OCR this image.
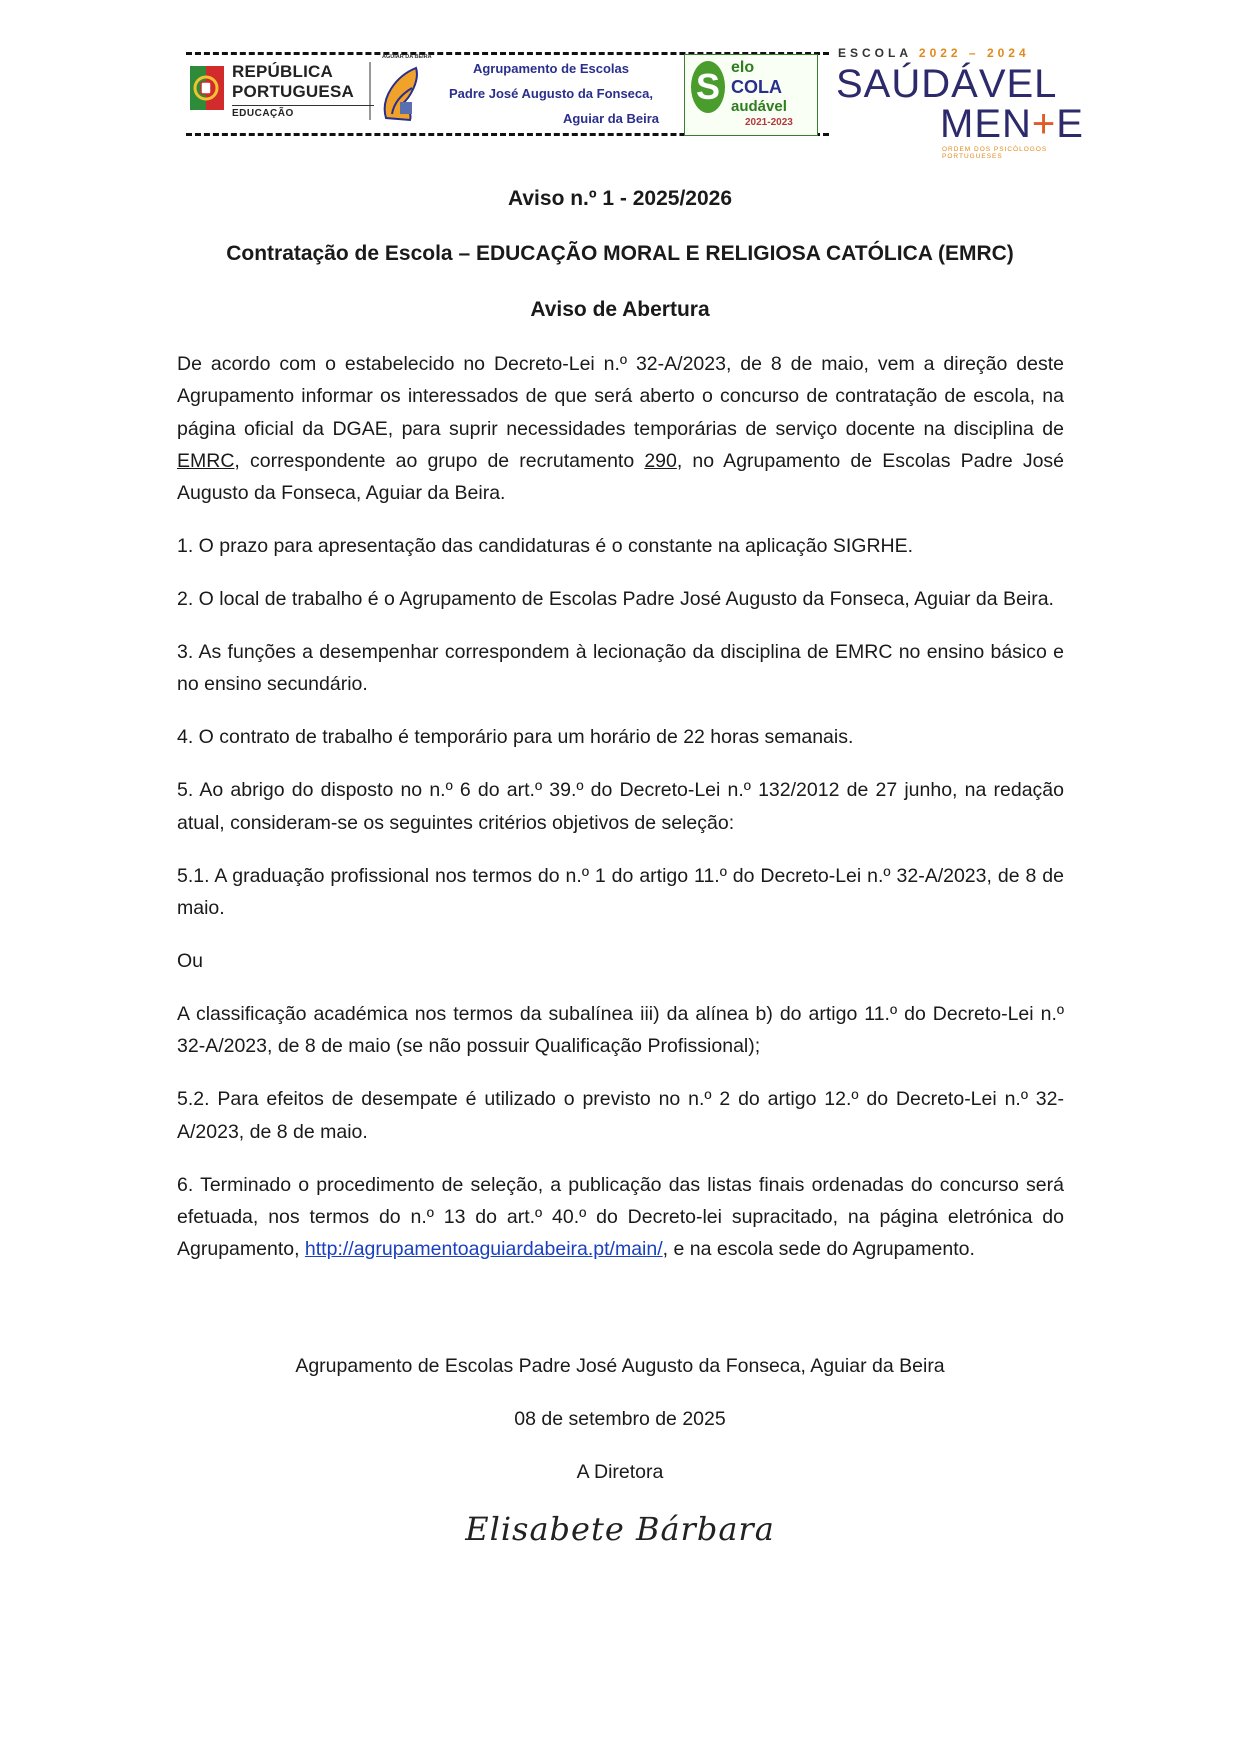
REPÚBLICA
PORTUGUESA
EDUCAÇÃO
AGUIAR DA BEIRA
Agrupamento de Escolas
Padre José Augusto da Fonseca,
Aguiar da Beira
S elo
COLA
audável
2021-2023
ESCOLA 2022 – 2024
SAÚDÁVEL
MEN+E
ORDEM DOS PSICÓLOGOS PORTUGUESES
Aviso n.º 1 - 2025/2026
Contratação de Escola – EDUCAÇÃO MORAL E RELIGIOSA CATÓLICA (EMRC)
Aviso de Abertura

De acordo com o estabelecido no Decreto-Lei n.º 32-A/2023, de 8 de maio, vem a direção deste Agrupamento informar os interessados de que será aberto o concurso de contratação de escola, na página oficial da DGAE, para suprir necessidades temporárias de serviço docente na disciplina de EMRC, correspondente ao grupo de recrutamento 290, no Agrupamento de Escolas Padre José Augusto da Fonseca, Aguiar da Beira.

1. O prazo para apresentação das candidaturas é o constante na aplicação SIGRHE.

2. O local de trabalho é o Agrupamento de Escolas Padre José Augusto da Fonseca, Aguiar da Beira.

3. As funções a desempenhar correspondem à lecionação da disciplina de EMRC no ensino básico e no ensino secundário.

4. O contrato de trabalho é temporário para um horário de 22 horas semanais.

5. Ao abrigo do disposto no n.º 6 do art.º 39.º do Decreto-Lei n.º 132/2012 de 27 junho, na redação atual, consideram-se os seguintes critérios objetivos de seleção:

5.1. A graduação profissional nos termos do n.º 1 do artigo 11.º do Decreto-Lei n.º 32-A/2023, de 8 de maio.

Ou

A classificação académica nos termos da subalínea iii) da alínea b) do artigo 11.º do Decreto-Lei n.º 32-A/2023, de 8 de maio (se não possuir Qualificação Profissional);

5.2. Para efeitos de desempate é utilizado o previsto no n.º 2 do artigo 12.º do Decreto-Lei n.º 32-A/2023, de 8 de maio.

6. Terminado o procedimento de seleção, a publicação das listas finais ordenadas do concurso será efetuada, nos termos do n.º 13 do art.º 40.º do Decreto-lei supracitado, na página eletrónica do Agrupamento, http://agrupamentoaguiardabeira.pt/main/, e na escola sede do Agrupamento.

Agrupamento de Escolas Padre José Augusto da Fonseca, Aguiar da Beira
08 de setembro de 2025
A Diretora
Elisabete Bárbara
